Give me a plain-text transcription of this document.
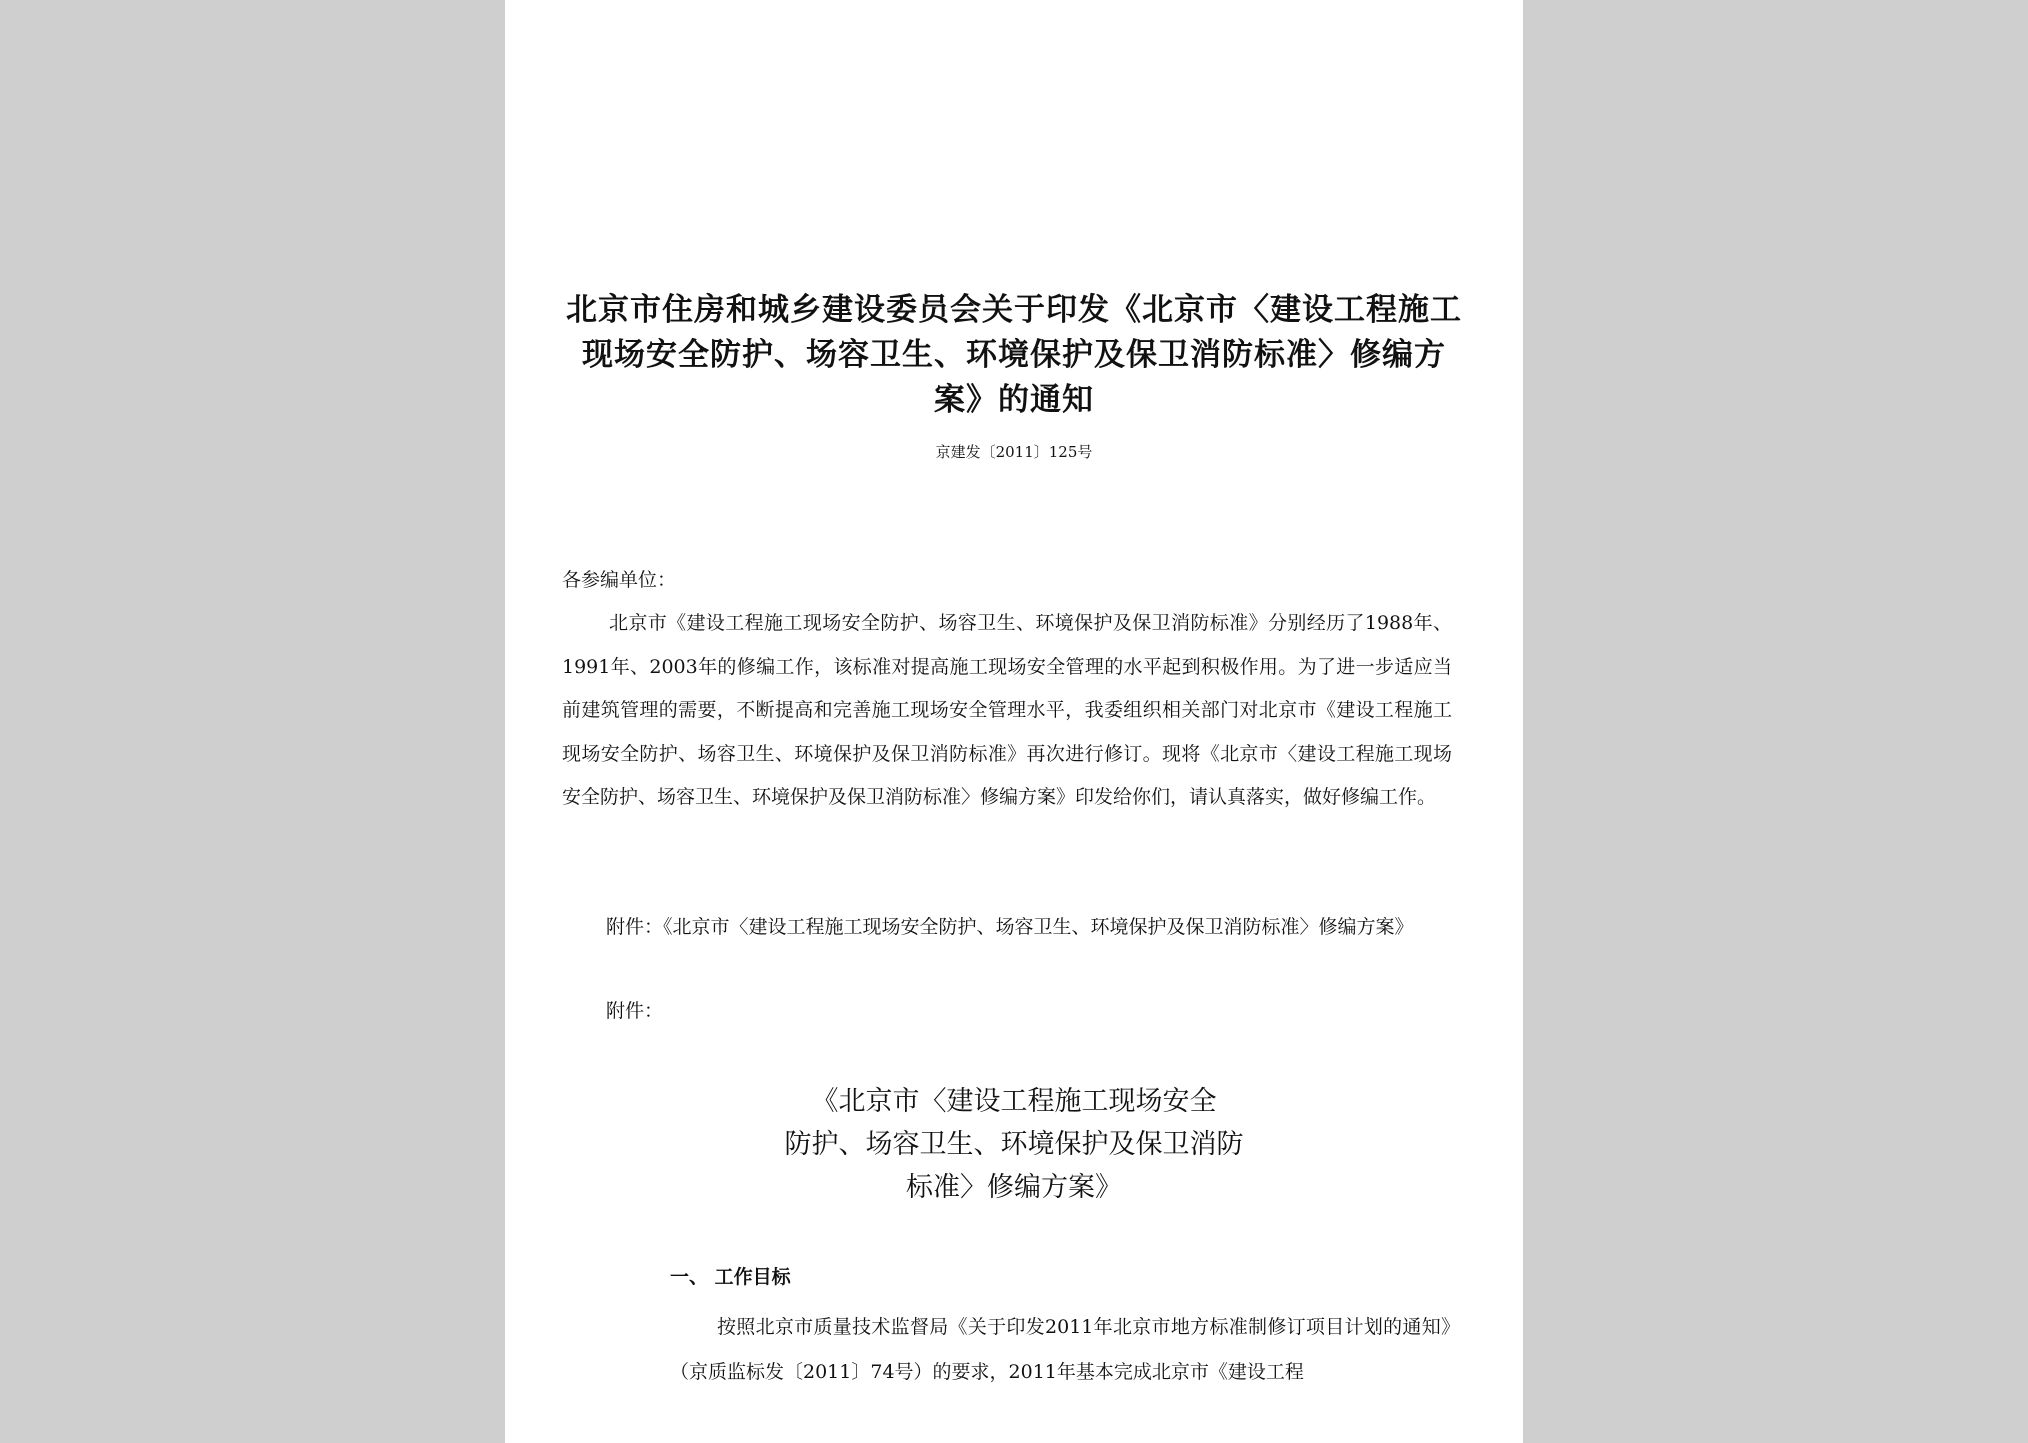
北京市住房和城乡建设委员会关于印发《北京市〈建设工程施工现场安全防护、场容卫生、环境保护及保卫消防标准〉修编方案》的通知
京建发〔2011〕125号
各参编单位：
北京市《建设工程施工现场安全防护、场容卫生、环境保护及保卫消防标准》分别经历了1988年、1991年、2003年的修编工作，该标准对提高施工现场安全管理的水平起到积极作用。为了进一步适应当前建筑管理的需要，不断提高和完善施工现场安全管理水平，我委组织相关部门对北京市《建设工程施工现场安全防护、场容卫生、环境保护及保卫消防标准》再次进行修订。现将《北京市〈建设工程施工现场安全防护、场容卫生、环境保护及保卫消防标准〉修编方案》印发给你们，请认真落实，做好修编工作。
附件：《北京市〈建设工程施工现场安全防护、场容卫生、环境保护及保卫消防标准〉修编方案》
附件：
《北京市〈建设工程施工现场安全
防护、场容卫生、环境保护及保卫消防
标准〉修编方案》
一、 工作目标
按照北京市质量技术监督局《关于印发2011年北京市地方标准制修订项目计划的通知》（京质监标发〔2011〕74号）的要求，2011年基本完成北京市《建设工程
